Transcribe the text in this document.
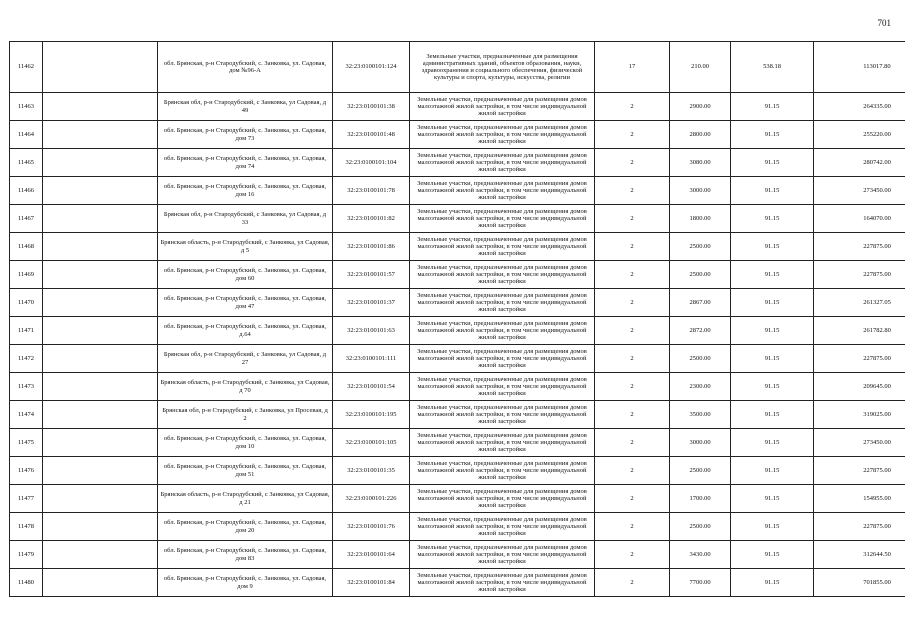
701
11462		обл. Брянская, р-н Стародубский, с. Занковка, ул. Садовая, дом №96-А	32:23:0100101:124	Земельные участки, предназначенные для размещения административных зданий, объектов образования, науки, здравоохранения и социального обеспечения, физической культуры и спорта, культуры, искусства, религии	17	210.00	538.18	113017.80
11463		Брянская обл, р-н Стародубский, с Занковка, ул Садовая, д 49	32:23:0100101:38	Земельные участки, предназначенные для размещения домов малоэтажной жилой застройки, в том числе индивидуальной жилой застройки	2	2900.00	91.15	264335.00
11464		обл. Брянская, р-н Стародубский, с. Занковка, ул. Садовая, дом 73	32:23:0100101:48	Земельные участки, предназначенные для размещения домов малоэтажной жилой застройки, в том числе индивидуальной жилой застройки	2	2800.00	91.15	255220.00
11465		обл. Брянская, р-н Стародубский, с. Занковка, ул. Садовая, дом 74	32:23:0100101:104	Земельные участки, предназначенные для размещения домов малоэтажной жилой застройки, в том числе индивидуальной жилой застройки	2	3080.00	91.15	280742.00
11466		обл. Брянская, р-н Стародубский, с. Занковка, ул. Садовая, дом 16	32:23:0100101:78	Земельные участки, предназначенные для размещения домов малоэтажной жилой застройки, в том числе индивидуальной жилой застройки	2	3000.00	91.15	273450.00
11467		Брянская обл, р-н Стародубский, с Занковка, ул Садовая, д 33	32:23:0100101:82	Земельные участки, предназначенные для размещения домов малоэтажной жилой застройки, в том числе индивидуальной жилой застройки	2	1800.00	91.15	164070.00
11468		Брянская область, р-н Стародубский, с Занковка, ул Садовая, д 5	32:23:0100101:86	Земельные участки, предназначенные для размещения домов малоэтажной жилой застройки, в том числе индивидуальной жилой застройки	2	2500.00	91.15	227875.00
11469		обл. Брянская, р-н Стародубский, с. Занковка, ул. Садовая, дом 60	32:23:0100101:57	Земельные участки, предназначенные для размещения домов малоэтажной жилой застройки, в том числе индивидуальной жилой застройки	2	2500.00	91.15	227875.00
11470		обл. Брянская, р-н Стародубский, с. Занковка, ул. Садовая, дом 47	32:23:0100101:37	Земельные участки, предназначенные для размещения домов малоэтажной жилой застройки, в том числе индивидуальной жилой застройки	2	2867.00	91.15	261327.05
11471		обл. Брянская, р-н Стародубский, с. Занковка, ул. Садовая, д.64	32:23:0100101:63	Земельные участки, предназначенные для размещения домов малоэтажной жилой застройки, в том числе индивидуальной жилой застройки	2	2872.00	91.15	261782.80
11472		Брянская обл, р-н Стародубский, с Занковка, ул Садовая, д 27	32:23:0100101:111	Земельные участки, предназначенные для размещения домов малоэтажной жилой застройки, в том числе индивидуальной жилой застройки	2	2500.00	91.15	227875.00
11473		Брянская область, р-н Стародубский, с Занковка, ул Садовая, д 70	32:23:0100101:54	Земельные участки, предназначенные для размещения домов малоэтажной жилой застройки, в том числе индивидуальной жилой застройки	2	2300.00	91.15	209645.00
11474		Брянская обл, р-н Стародубский, с Занковка, ул Просевая, д 2	32:23:0100101:195	Земельные участки, предназначенные для размещения домов малоэтажной жилой застройки, в том числе индивидуальной жилой застройки	2	3500.00	91.15	319025.00
11475		обл. Брянская, р-н Стародубский, с. Занковка, ул. Садовая, дом 10	32:23:0100101:105	Земельные участки, предназначенные для размещения домов малоэтажной жилой застройки, в том числе индивидуальной жилой застройки	2	3000.00	91.15	273450.00
11476		обл. Брянская, р-н Стародубский, с. Занковка, ул. Садовая, дом 51	32:23:0100101:35	Земельные участки, предназначенные для размещения домов малоэтажной жилой застройки, в том числе индивидуальной жилой застройки	2	2500.00	91.15	227875.00
11477		Брянская область, р-н Стародубский, с Занковка, ул Садовая, д 21	32:23:0100101:226	Земельные участки, предназначенные для размещения домов малоэтажной жилой застройки, в том числе индивидуальной жилой застройки	2	1700.00	91.15	154955.00
11478		обл. Брянская, р-н Стародубский, с. Занковка, ул. Садовая, дом 20	32:23:0100101:76	Земельные участки, предназначенные для размещения домов малоэтажной жилой застройки, в том числе индивидуальной жилой застройки	2	2500.00	91.15	227875.00
11479		обл. Брянская, р-н Стародубский, с. Занковка, ул. Садовая, дом 83	32:23:0100101:64	Земельные участки, предназначенные для размещения домов малоэтажной жилой застройки, в том числе индивидуальной жилой застройки	2	3430.00	91.15	312644.50
11480		обл. Брянская, р-н Стародубский, с. Занковка, ул. Садовая, дом 9	32:23:0100101:84	Земельные участки, предназначенные для размещения домов малоэтажной жилой застройки, в том числе индивидуальной жилой застройки	2	7700.00	91.15	701855.00
